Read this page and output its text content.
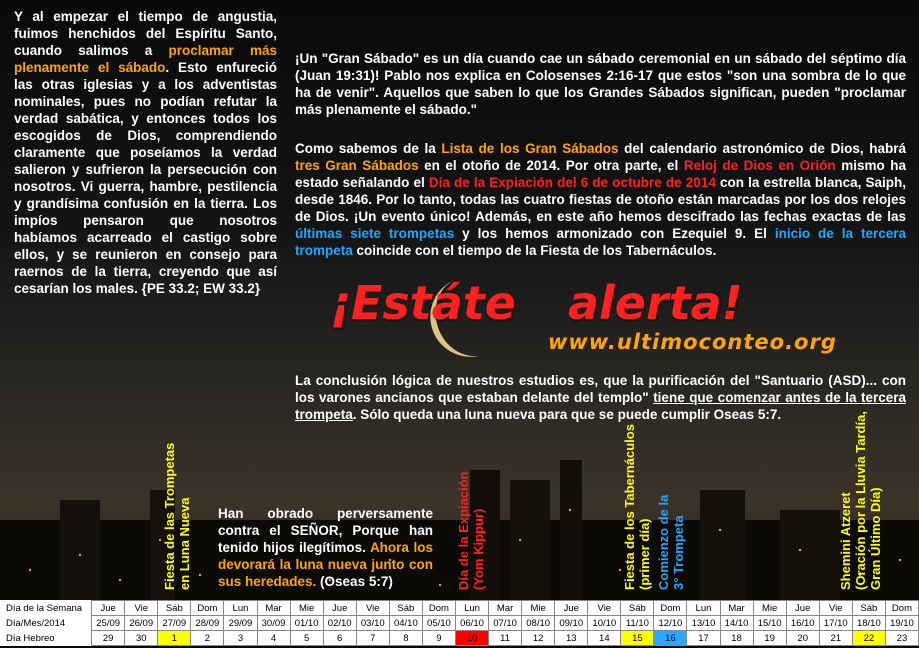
Y al empezar el tiempo de angustia, fuimos henchidos del Espíritu Santo, cuando salimos a proclamar más plenamente el sábado. Esto enfureció las otras iglesias y a los adventistas nominales, pues no podían refutar la verdad sabática, y entonces todos los escogidos de Dios, comprendiendo claramente que poseíamos la verdad salieron y sufrieron la persecución con nosotros. Vi guerra, hambre, pestilencia y grandísima confusión en la tierra. Los impíos pensaron que nosotros habíamos acarreado el castigo sobre ellos, y se reunieron en consejo para raernos de la tierra, creyendo que así cesarían los males. {PE 33.2; EW 33.2}
¡Un "Gran Sábado" es un día cuando cae un sábado ceremonial en un sábado del séptimo día (Juan 19:31)! Pablo nos explica en Colosenses 2:16-17 que estos "son una sombra de lo que ha de venir". Aquellos que saben lo que los Grandes Sábados significan, pueden "proclamar más plenamente el sábado."
Como sabemos de la Lista de los Gran Sábados del calendario astronómico de Dios, habrá tres Gran Sábados en el otoño de 2014. Por otra parte, el Reloj de Dios en Orión mismo ha estado señalando el Día de la Expiación del 6 de octubre de 2014 con la estrella blanca, Saiph, desde 1846. Por lo tanto, todas las cuatro fiestas de otoño están marcadas por los dos relojes de Dios. ¡Un evento único! Además, en este año hemos descifrado las fechas exactas de las últimas siete trompetas y los hemos armonizado con Ezequiel 9. El inicio de la tercera trompeta coincide con el tiempo de la Fiesta de los Tabernáculos.
¡Estáte alerta!
www.ultimoconteo.org
La conclusión lógica de nuestros estudios es, que la purificación del "Santuario (ASD)... con los varones ancianos que estaban delante del templo" tiene que comenzar antes de la tercera trompeta. Sólo queda una luna nueva para que se puede cumplir Oseas 5:7.
Han obrado perversamente contra el SEÑOR, Porque han tenido hijos ilegítimos. Ahora los devorará la luna nueva junto con sus heredades. (Oseas 5:7)
Fiesta de las Trompetas en Luna Nueva	Día de la Expiación (Yom Kippur)	Fiesta de los Tabernáculos (primer día) Comienzo de la 3° Trompeta	Shemini Atzeret (Oración por la Lluvia Tardía, Gran Último Día)
Día de la Semana	Jue	Vie	Sáb	Dom	Lun	Mar	Mie	Jue	Vie	Sáb	Dom	Lun	Mar	Mie	Jue	Vie	Sáb	Dom	Lun	Mar	Mie	Jue	Vie	Sáb	Dom
Día/Mes/2014	25/09	26/09	27/09	28/09	29/09	30/09	01/10	02/10	03/10	04/10	05/10	06/10	07/10	08/10	09/10	10/10	11/10	12/10	13/10	14/10	15/10	16/10	17/10	18/10	19/10
Día Hebreo	29	30	1	2	3	4	5	6	7	8	9	10	11	12	13	14	15	16	17	18	19	20	21	22	23
